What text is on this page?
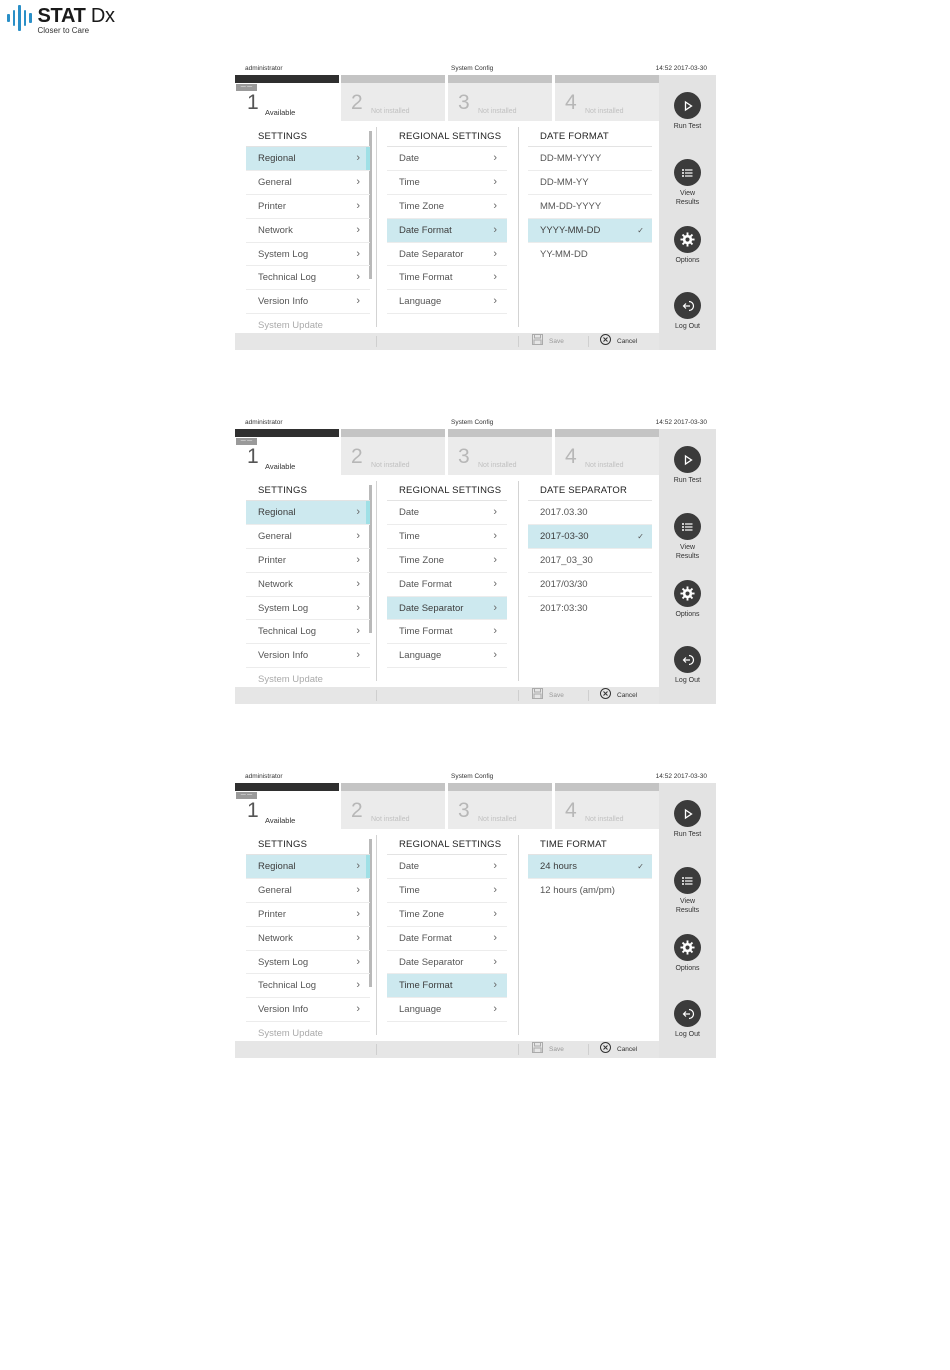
STAT Dx
Closer to Care
administrator	System Config	14:52 2017-03-30
— —
1 Available	2 Not installed 3 Not installed 4 Not installed
Run Test
View
Results
Options
Log Out
SETTINGS
Regional	›
General	›
Printer	›
Network	›
System Log	›
Technical Log	›
Version Info	›
System Update
REGIONAL SETTINGS
Date	›
Time	›
Time Zone	›
Date Format	›
Date Separator	›
Time Format	›
Language	›
DATE FORMAT
DD-MM-YYYY
DD-MM-YY
MM-DD-YYYY
YYYY-MM-DD	✓
YY-MM-DD
Save	Cancel
administrator	System Config	14:52 2017-03-30
— —
1 Available	2 Not installed 3 Not installed 4 Not installed
Run Test
View
Results
Options
Log Out
SETTINGS
Regional	›
General	›
Printer	›
Network	›
System Log	›
Technical Log	›
Version Info	›
System Update
REGIONAL SETTINGS
Date	›
Time	›
Time Zone	›
Date Format	›
Date Separator	›
Time Format	›
Language	›
DATE SEPARATOR
2017.03.30
2017-03-30	✓
2017_03_30
2017/03/30
2017:03:30
Save	Cancel
administrator	System Config	14:52 2017-03-30
— —
1 Available	2 Not installed 3 Not installed 4 Not installed
Run Test
View
Results
Options
Log Out
SETTINGS
Regional	›
General	›
Printer	›
Network	›
System Log	›
Technical Log	›
Version Info	›
System Update
REGIONAL SETTINGS
Date	›
Time	›
Time Zone	›
Date Format	›
Date Separator	›
Time Format	›
Language	›
TIME FORMAT
24 hours	✓
12 hours (am/pm)
Save	Cancel
